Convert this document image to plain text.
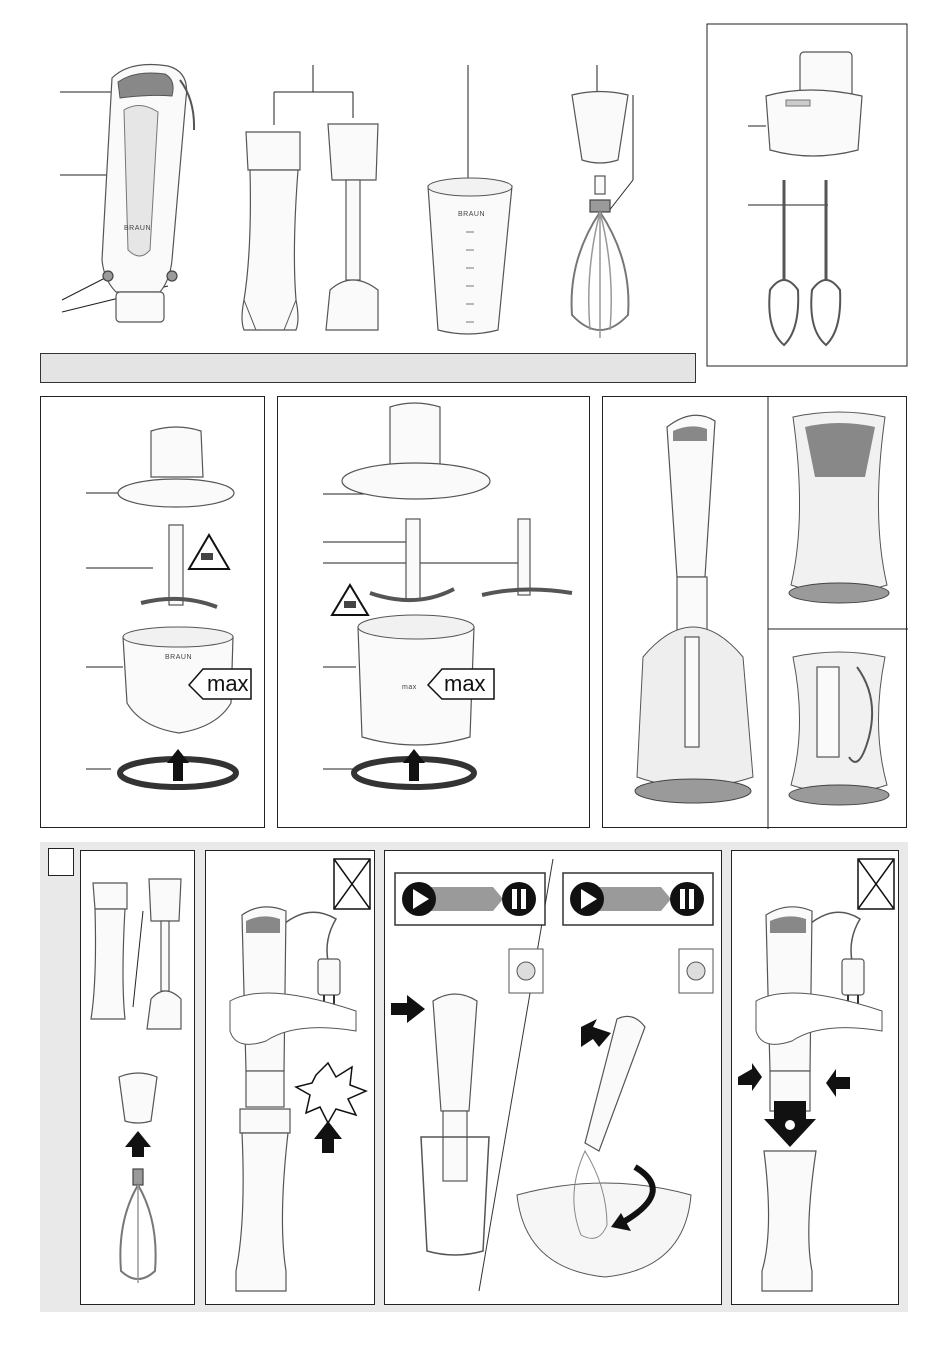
BRAUN
BRAUN
BRAUN
max	max max
